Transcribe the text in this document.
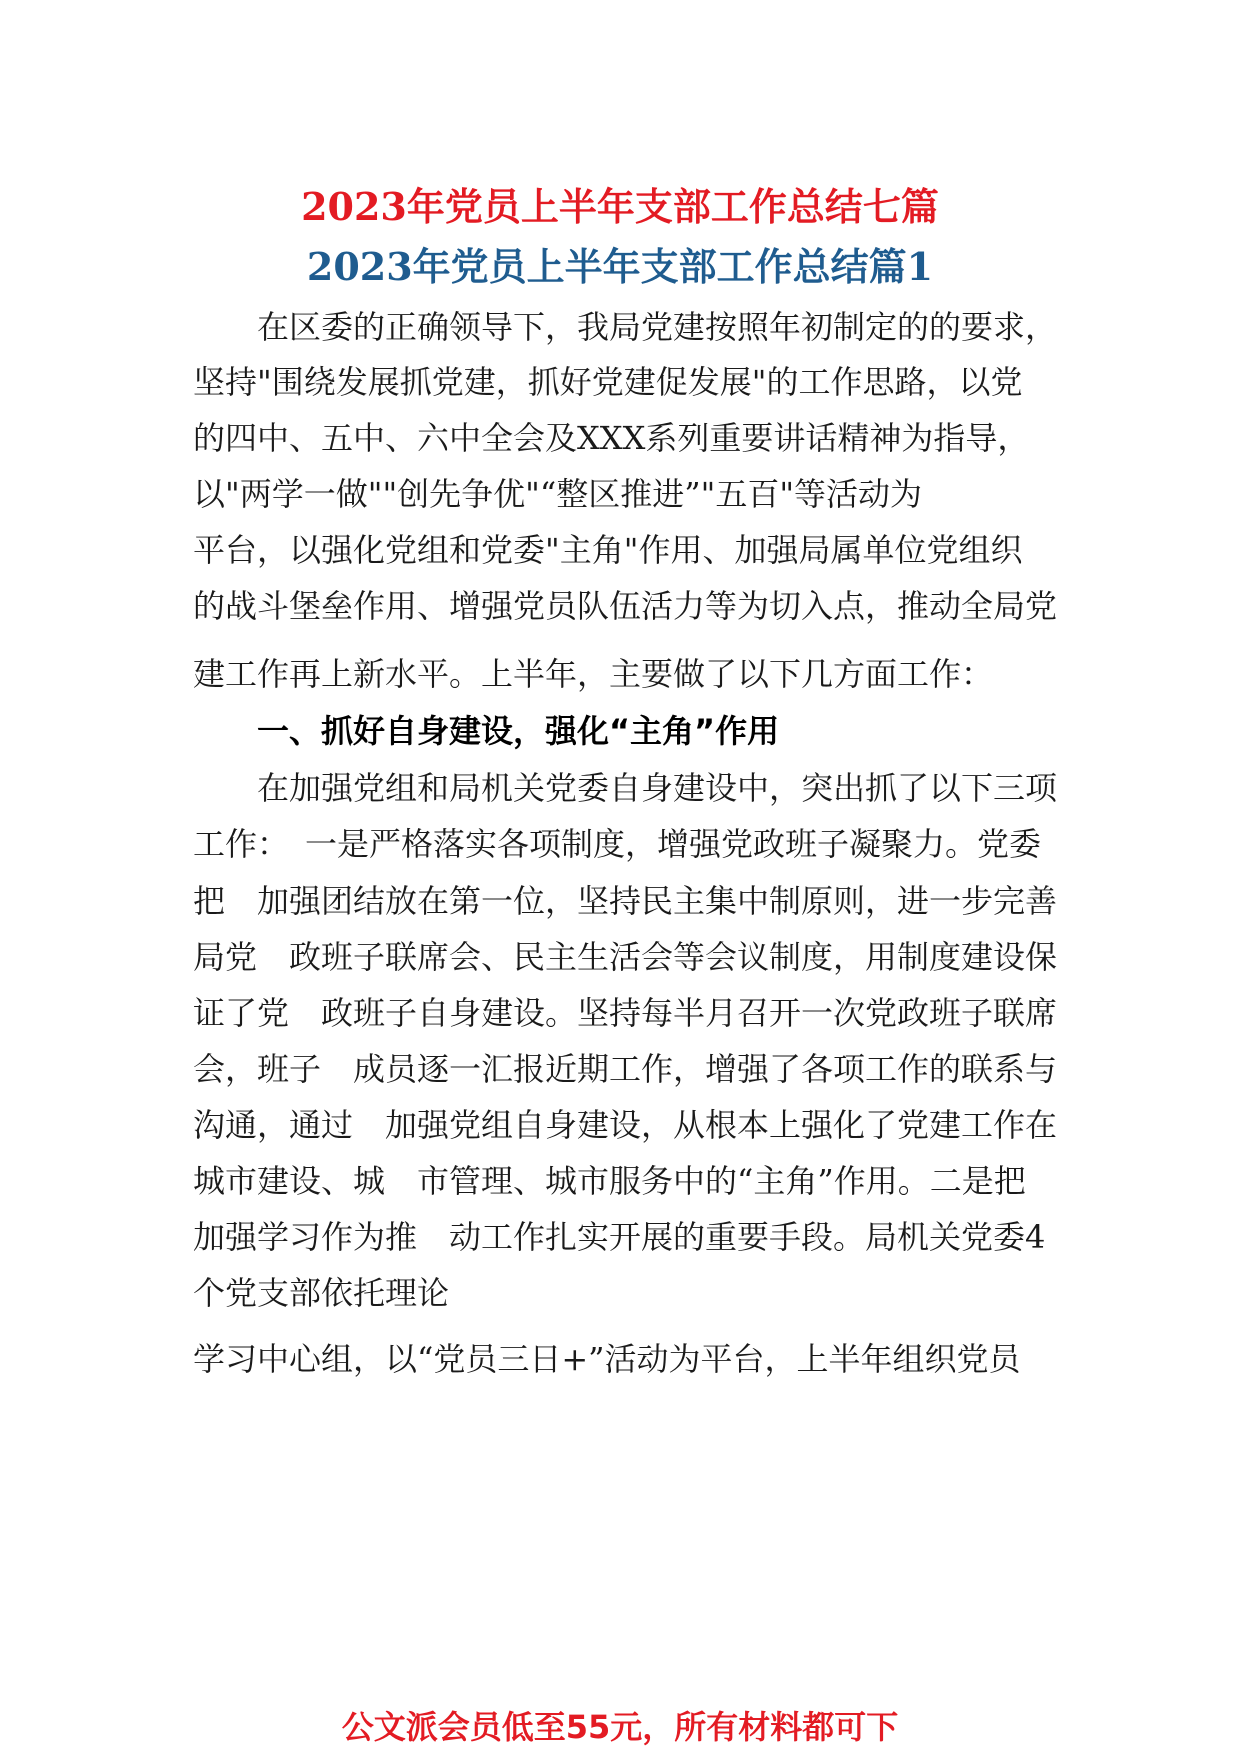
2023年党员上半年支部工作总结七篇
2023年党员上半年支部工作总结篇1
　　在区委的正确领导下，我局党建按照年初制定的的要求，
坚持"围绕发展抓党建，抓好党建促发展"的工作思路，以党
的四中、五中、六中全会及XXX系列重要讲话精神为指导，
以"两学一做""创先争优"“整区推进”"五百"等活动为
平台，以强化党组和党委"主角"作用、加强局属单位党组织
的战斗堡垒作用、增强党员队伍活力等为切入点，推动全局党
建工作再上新水平。上半年，主要做了以下几方面工作：
　　一、抓好自身建设，强化“主角”作用
　　在加强党组和局机关党委自身建设中，突出抓了以下三项
工作：　一是严格落实各项制度，增强党政班子凝聚力。党委
把　加强团结放在第一位，坚持民主集中制原则，进一步完善
局党　政班子联席会、民主生活会等会议制度，用制度建设保
证了党　政班子自身建设。坚持每半月召开一次党政班子联席
会，班子　成员逐一汇报近期工作，增强了各项工作的联系与
沟通，通过　加强党组自身建设，从根本上强化了党建工作在
城市建设、城　市管理、城市服务中的“主角”作用。二是把
加强学习作为推　动工作扎实开展的重要手段。局机关党委4
个党支部依托理论
学习中心组，以“党员三日+”活动为平台，上半年组织党员
公文派会员低至55元，所有材料都可下
